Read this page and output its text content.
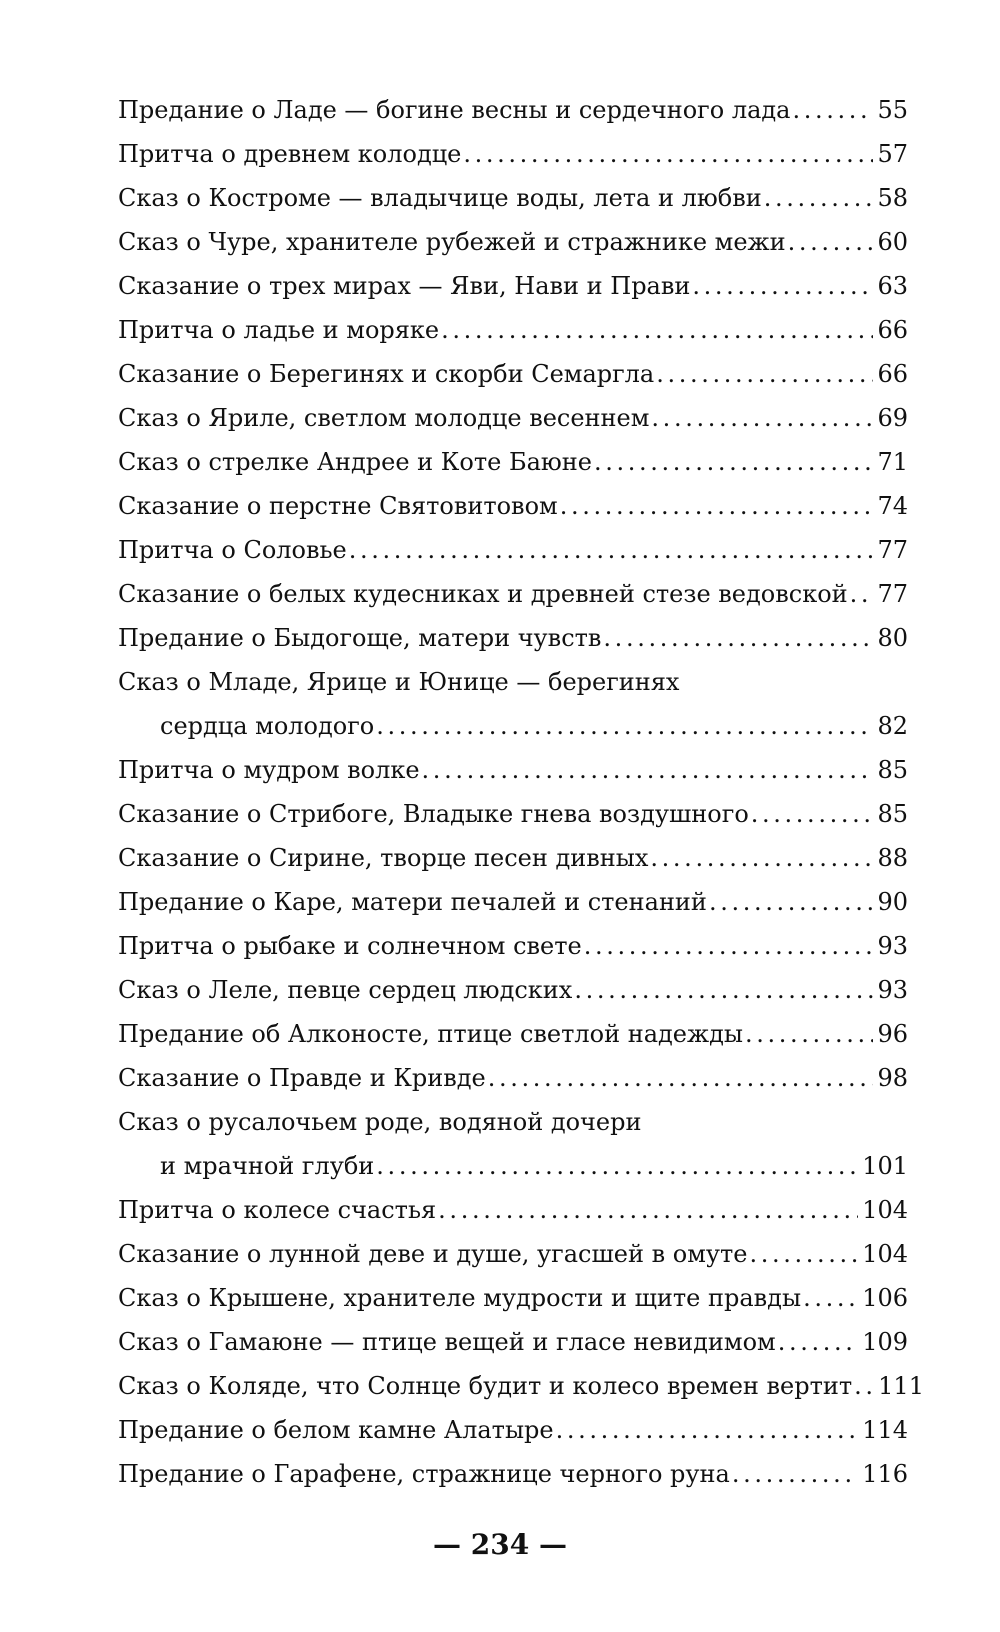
Предание о Ладе — богине весны и сердечного лада . . .	55
Притча о древнем колодце . . .	57
Сказ о Костроме — владычице воды, лета и любви . . .	58
Сказ о Чуре, хранителе рубежей и стражнике межи . . .	60
Сказание о трех мирах — Яви, Нави и Прави . . .	63
Притча о ладье и моряке . . .	66
Сказание о Берегинях и скорби Семаргла . . .	66
Сказ о Яриле, светлом молодце весеннем . . .	69
Сказ о стрелке Андрее и Коте Баюне . . .	71
Сказание о перстне Святовитовом . . .	74
Притча о Соловье . . .	77
Сказание о белых кудесниках и древней стезе ведовской . . . 77
Предание о Быдогоще, матери чувств . . .	80
Сказ о Младе, Ярице и Юнице — берегинях
сердца молодого . . .	82
Притча о мудром волке . . .	85
Сказание о Стрибоге, Владыке гнева воздушного . . .	85
Сказание о Сирине, творце песен дивных . . .	88
Предание о Каре, матери печалей и стенаний . . .	90
Притча о рыбаке и солнечном свете . . .	93
Сказ о Леле, певце сердец людских . . .	93
Предание об Алконосте, птице светлой надежды . . .	96
Сказание о Правде и Кривде . . .	98
Сказ о русалочьем роде, водяной дочери
и мрачной глуби . . .	101
Притча о колесе счастья . . .	104
Сказание о лунной деве и душе, угасшей в омуте . . .	104
Сказ о Крышене, хранителе мудрости и щите правды . . .	106
Сказ о Гамаюне — птице вещей и гласе невидимом . . .	109
Сказ о Коляде, что Солнце будит и колесо времен вертит . . . 111
Предание о белом камне Алатыре . . .	114
Предание о Гарафене, стражнице черного руна . . .	116
— 234 —
